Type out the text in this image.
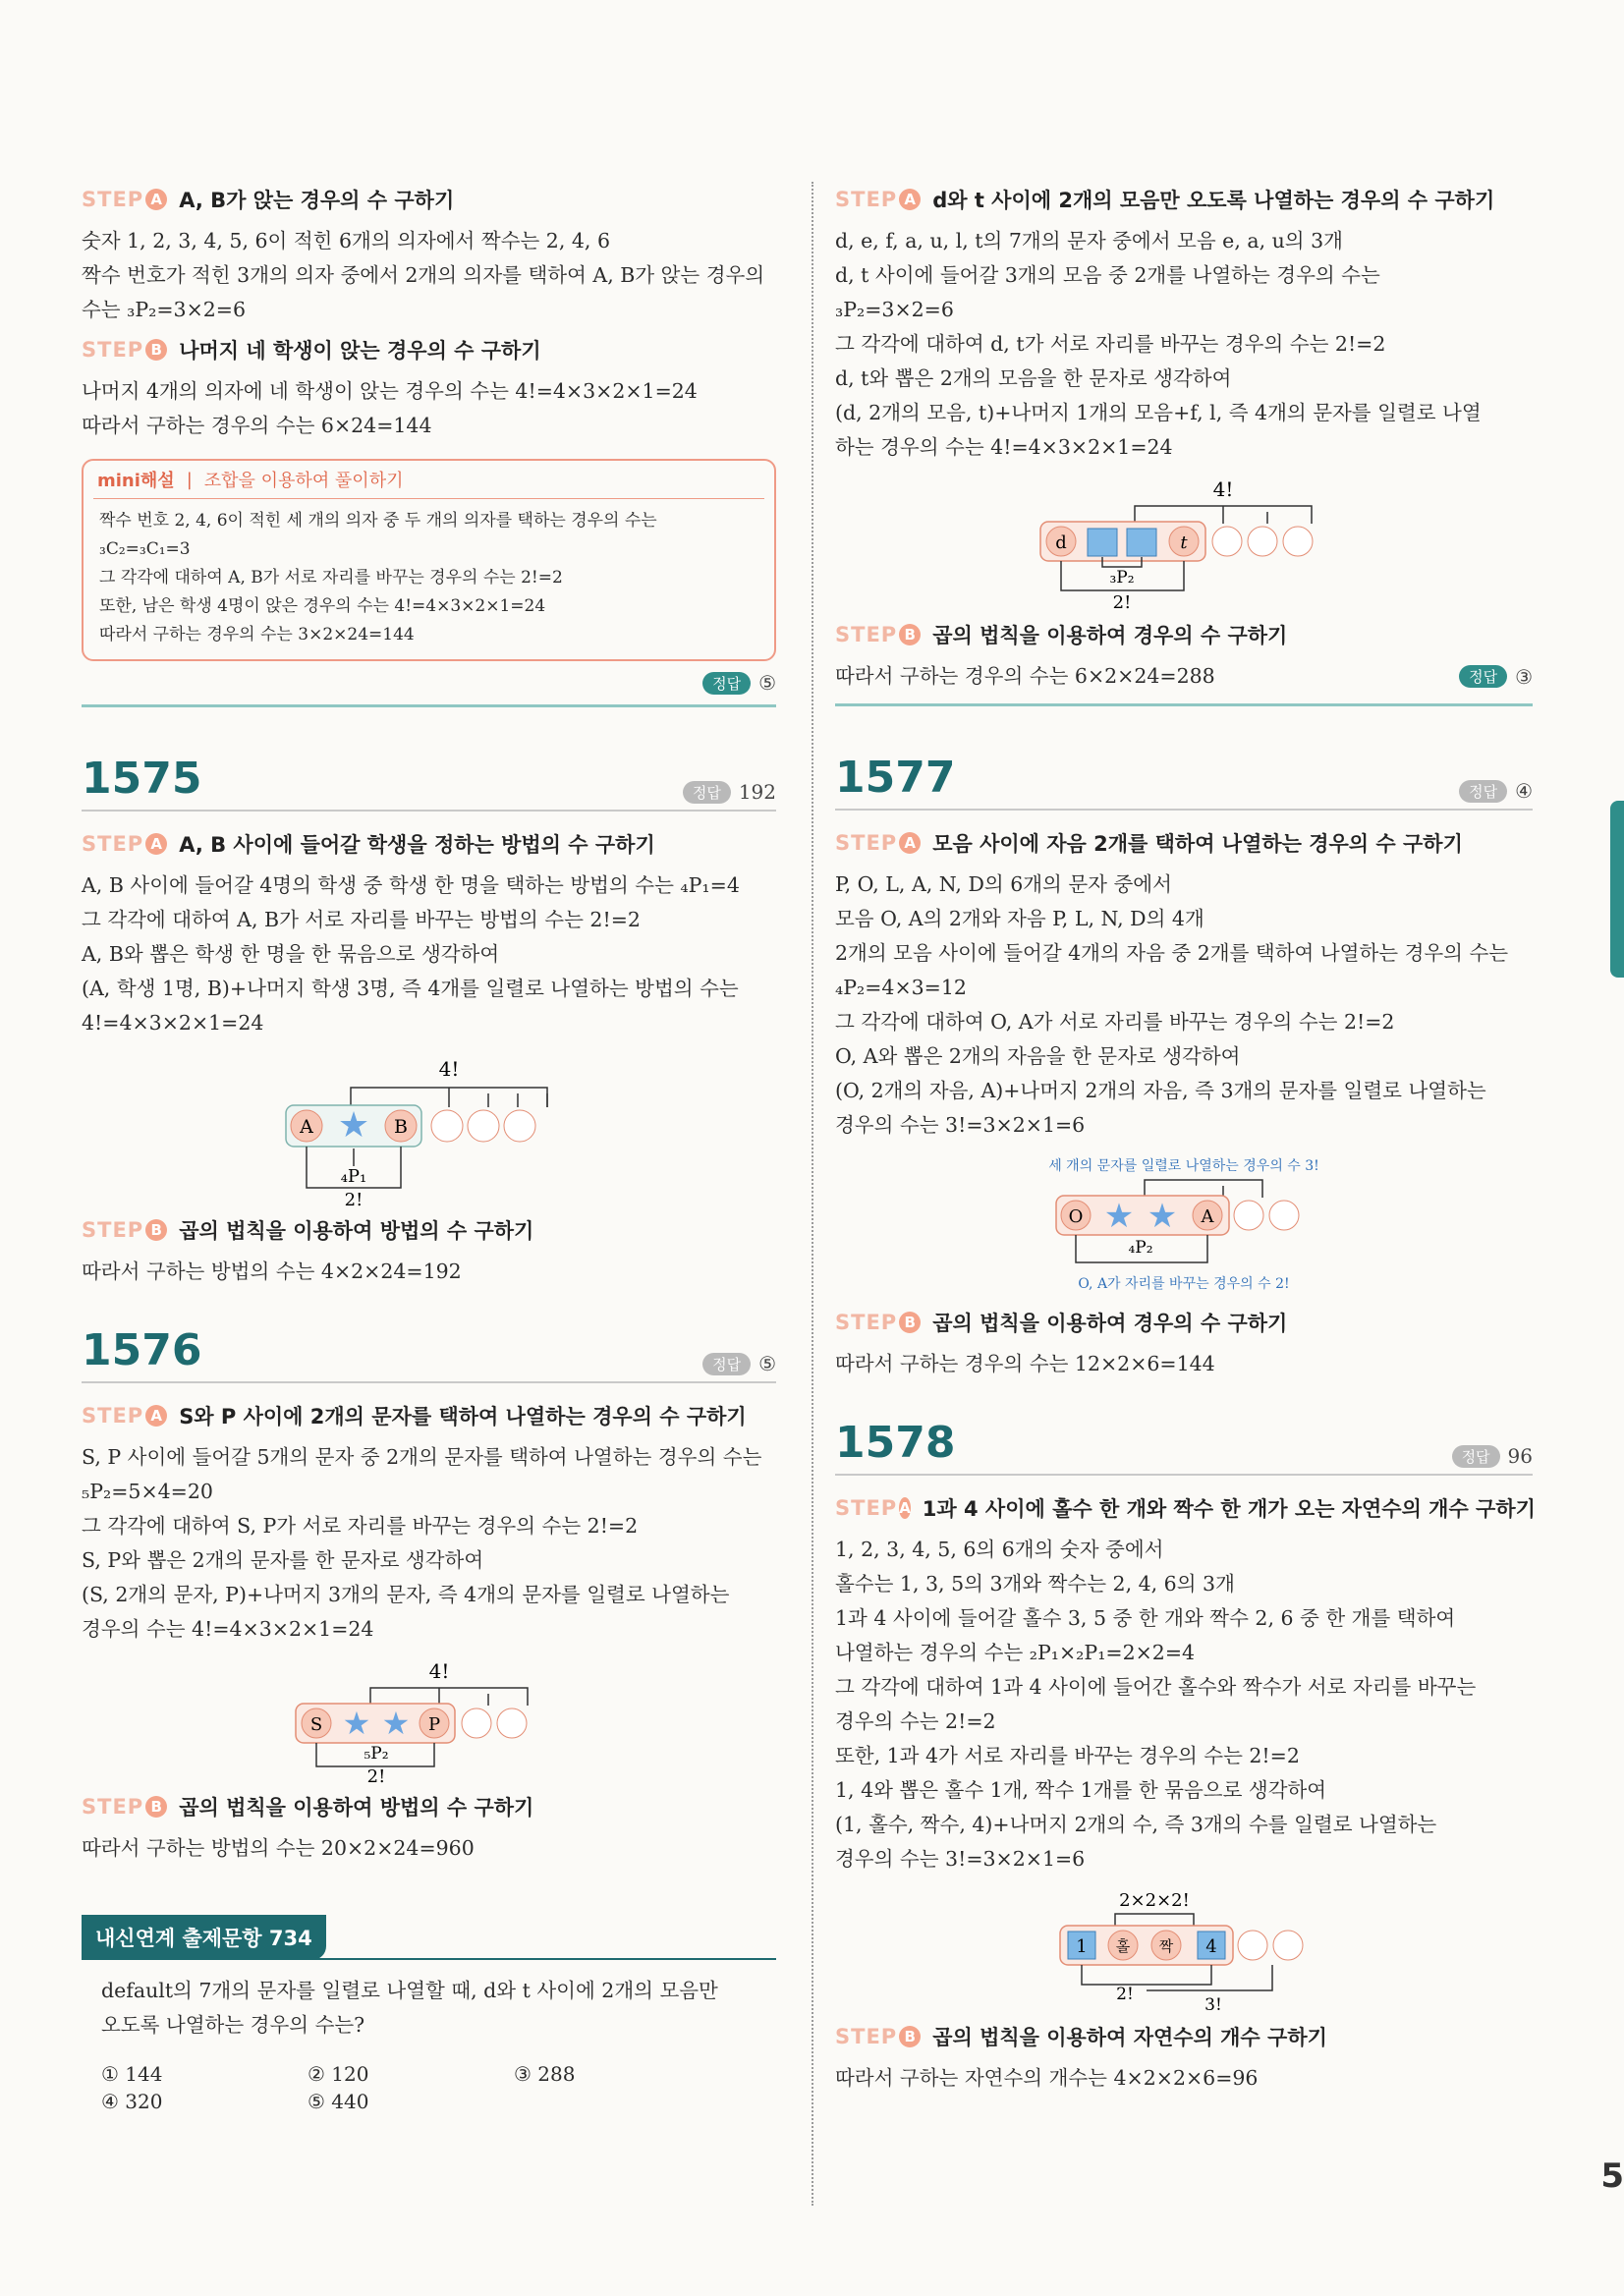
STEP A A, B가 앉는 경우의 수 구하기

숫자 1, 2, 3, 4, 5, 6이 적힌 6개의 의자에서 짝수는 2, 4, 6

짝수 번호가 적힌 3개의 의자 중에서 2개의 의자를 택하여 A, B가 앉는 경우의

수는 ₃P₂=3×2=6

STEP B 나머지 네 학생이 앉는 경우의 수 구하기

나머지 4개의 의자에 네 학생이 앉는 경우의 수는 4!=4×3×2×1=24

따라서 구하는 경우의 수는 6×24=144

mini해설 | 조합을 이용하여 풀이하기

짝수 번호 2, 4, 6이 적힌 세 개의 의자 중 두 개의 의자를 택하는 경우의 수는

₃C₂=₃C₁=3

그 각각에 대하여 A, B가 서로 자리를 바꾸는 경우의 수는 2!=2

또한, 남은 학생 4명이 앉은 경우의 수는 4!=4×3×2×1=24

따라서 구하는 경우의 수는 3×2×24=144

정답 ⑤
1575	정답 192
STEP A A, B 사이에 들어갈 학생을 정하는 방법의 수 구하기

A, B 사이에 들어갈 4명의 학생 중 학생 한 명을 택하는 방법의 수는 ₄P₁=4

그 각각에 대하여 A, B가 서로 자리를 바꾸는 방법의 수는 2!=2

A, B와 뽑은 학생 한 명을 한 묶음으로 생각하여

(A, 학생 1명, B)+나머지 학생 3명, 즉 4개를 일렬로 나열하는 방법의 수는

4!=4×3×2×1=24

4!
A ★ B
₄P₁
2!
STEP B 곱의 법칙을 이용하여 방법의 수 구하기

따라서 구하는 방법의 수는 4×2×24=192

1576	정답 ⑤
STEP A S와 P 사이에 2개의 문자를 택하여 나열하는 경우의 수 구하기

S, P 사이에 들어갈 5개의 문자 중 2개의 문자를 택하여 나열하는 경우의 수는

₅P₂=5×4=20

그 각각에 대하여 S, P가 서로 자리를 바꾸는 경우의 수는 2!=2

S, P와 뽑은 2개의 문자를 한 문자로 생각하여

(S, 2개의 문자, P)+나머지 3개의 문자, 즉 4개의 문자를 일렬로 나열하는

경우의 수는 4!=4×3×2×1=24

4!
S ★ ★ P
₅P₂
2!
STEP B 곱의 법칙을 이용하여 방법의 수 구하기

따라서 구하는 방법의 수는 20×2×24=960

내신연계 출제문항 734

default의 7개의 문자를 일렬로 나열할 때, d와 t 사이에 2개의 모음만

오도록 나열하는 경우의 수는?

① 144	② 120	③ 288
④ 320	⑤ 440
STEP A d와 t 사이에 2개의 모음만 오도록 나열하는 경우의 수 구하기

d, e, f, a, u, l, t의 7개의 문자 중에서 모음 e, a, u의 3개

d, t 사이에 들어갈 3개의 모음 중 2개를 나열하는 경우의 수는

₃P₂=3×2=6

그 각각에 대하여 d, t가 서로 자리를 바꾸는 경우의 수는 2!=2

d, t와 뽑은 2개의 모음을 한 문자로 생각하여

(d, 2개의 모음, t)+나머지 1개의 모음+f, l, 즉 4개의 문자를 일렬로 나열

하는 경우의 수는 4!=4×3×2×1=24

4!
d	t
₃P₂
2!
STEP B 곱의 법칙을 이용하여 경우의 수 구하기

따라서 구하는 경우의 수는 6×2×24=288	정답 ③
1577	정답 ④
STEP A 모음 사이에 자음 2개를 택하여 나열하는 경우의 수 구하기

P, O, L, A, N, D의 6개의 문자 중에서

모음 O, A의 2개와 자음 P, L, N, D의 4개

2개의 모음 사이에 들어갈 4개의 자음 중 2개를 택하여 나열하는 경우의 수는

₄P₂=4×3=12

그 각각에 대하여 O, A가 서로 자리를 바꾸는 경우의 수는 2!=2

O, A와 뽑은 2개의 자음을 한 문자로 생각하여

(O, 2개의 자음, A)+나머지 2개의 자음, 즉 3개의 문자를 일렬로 나열하는

경우의 수는 3!=3×2×1=6

세 개의 문자를 일렬로 나열하는 경우의 수 3!
O ★ ★ A
₄P₂
O, A가 자리를 바꾸는 경우의 수 2!
STEP B 곱의 법칙을 이용하여 경우의 수 구하기

따라서 구하는 경우의 수는 12×2×6=144

1578	정답 96
STEP A 1과 4 사이에 홀수 한 개와 짝수 한 개가 오는 자연수의 개수 구하기

1, 2, 3, 4, 5, 6의 6개의 숫자 중에서

홀수는 1, 3, 5의 3개와 짝수는 2, 4, 6의 3개

1과 4 사이에 들어갈 홀수 3, 5 중 한 개와 짝수 2, 6 중 한 개를 택하여

나열하는 경우의 수는 ₂P₁×₂P₁=2×2=4

그 각각에 대하여 1과 4 사이에 들어간 홀수와 짝수가 서로 자리를 바꾸는

경우의 수는 2!=2

또한, 1과 4가 서로 자리를 바꾸는 경우의 수는 2!=2

1, 4와 뽑은 홀수 1개, 짝수 1개를 한 묶음으로 생각하여

(1, 홀수, 짝수, 4)+나머지 2개의 수, 즉 3개의 수를 일렬로 나열하는

경우의 수는 3!=3×2×1=6

2×2×2!
1 홀 짝 4
2!
3!
STEP B 곱의 법칙을 이용하여 자연수의 개수 구하기

따라서 구하는 자연수의 개수는 4×2×2×6=96

5
